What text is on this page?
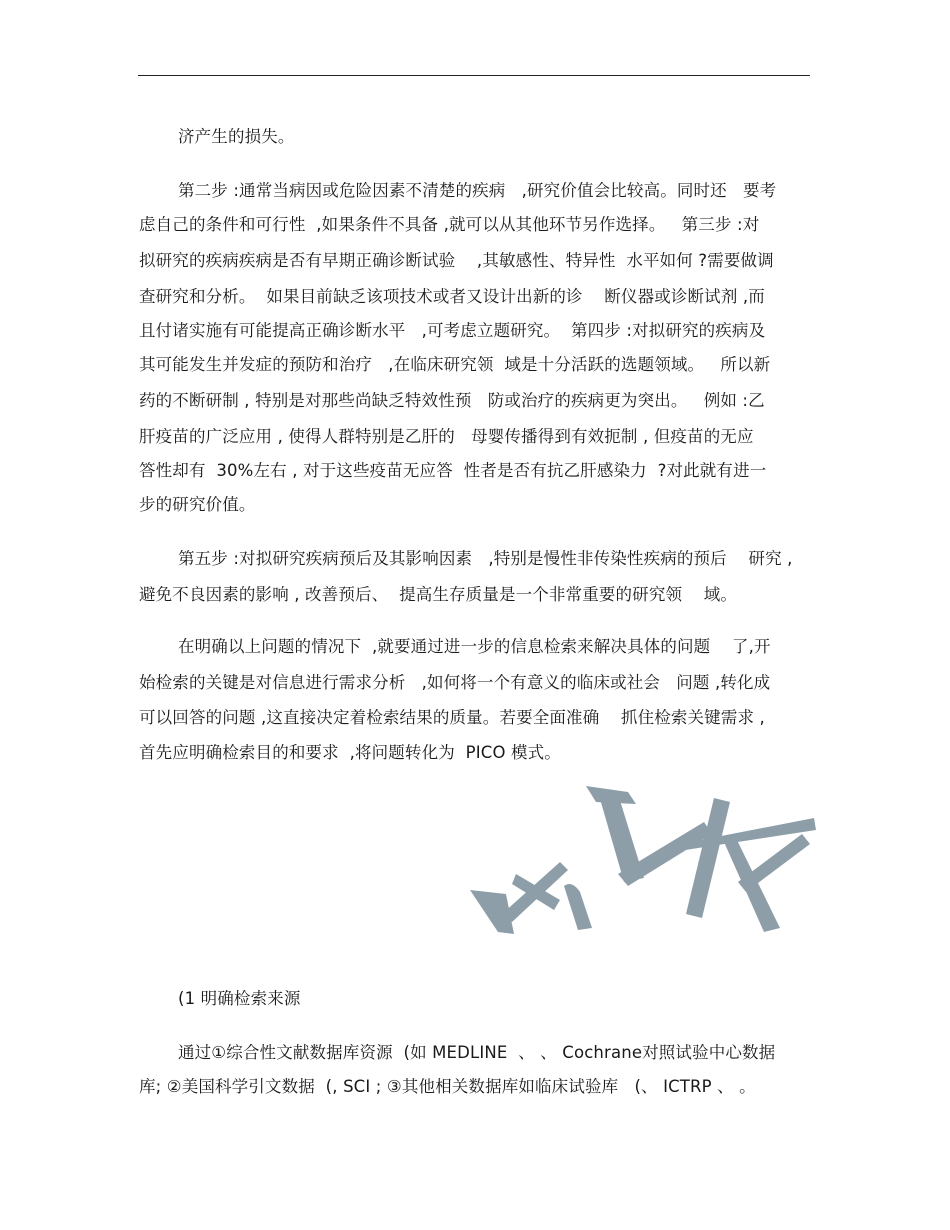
济产生的损失。
第二步 :通常当病因或危险因素不清楚的疾病   ,研究价值会比较高。同时还   要考
虑自己的条件和可行性  ,如果条件不具备 ,就可以从其他环节另作选择。   第三步 :对
拟研究的疾病疾病是否有早期正确诊断试验    ,其敏感性、特异性  水平如何 ?需要做调
查研究和分析。  如果目前缺乏该项技术或者又设计出新的诊    断仪器或诊断试剂 ,而
且付诸实施有可能提高正确诊断水平   ,可考虑立题研究。  第四步 :对拟研究的疾病及
其可能发生并发症的预防和治疗   ,在临床研究领  域是十分活跃的选题领域。   所以新
药的不断研制 , 特别是对那些尚缺乏特效性预   防或治疗的疾病更为突出。   例如 :乙
肝疫苗的广泛应用 , 使得人群特别是乙肝的   母婴传播得到有效扼制 , 但疫苗的无应
答性却有  30%左右 , 对于这些疫苗无应答  性者是否有抗乙肝感染力  ?对此就有进一
步的研究价值。
第五步 :对拟研究疾病预后及其影响因素   ,特别是慢性非传染性疾病的预后    研究 ,
避免不良因素的影响 , 改善预后、  提高生存质量是一个非常重要的研究领    域。
在明确以上问题的情况下  ,就要通过进一步的信息检索来解决具体的问题    了,开
始检索的关键是对信息进行需求分析   ,如何将一个有意义的临床或社会   问题 ,转化成
可以回答的问题 ,这直接决定着检索结果的质量。若要全面准确    抓住检索关键需求 ,
首先应明确检索目的和要求  ,将问题转化为  PICO 模式。
(1 明确检索来源
通过①综合性文献数据库资源  (如 MEDLINE  、 、 Cochrane对照试验中心数据
库; ②美国科学引文数据  (, SCI ; ③其他相关数据库如临床试验库   (、 ICTRP 、 。
